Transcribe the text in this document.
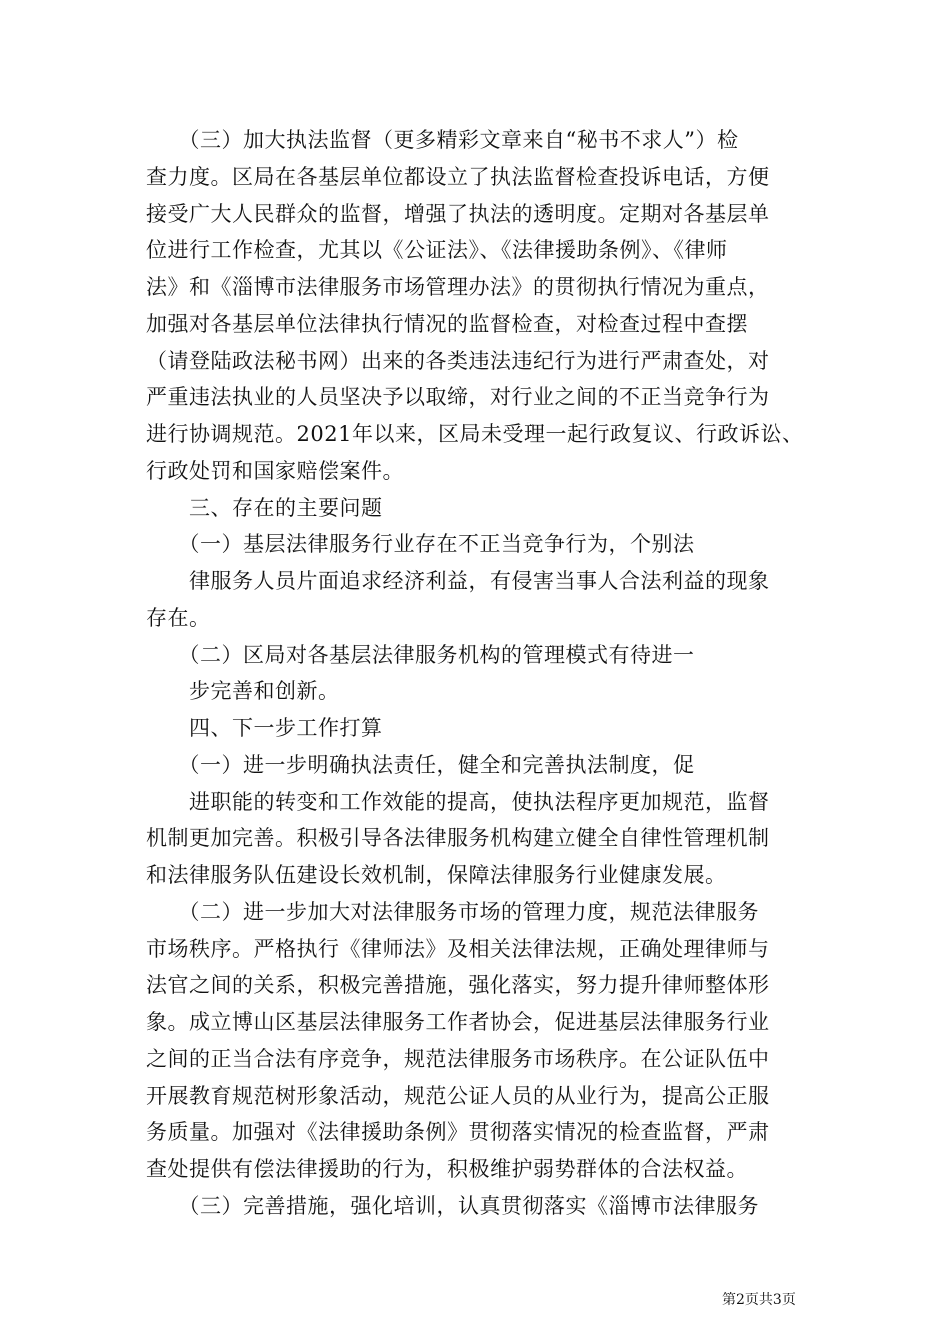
　　（三）加大执法监督（更多精彩文章来自“秘书不求人”）检
查力度。区局在各基层单位都设立了执法监督检查投诉电话，方便
接受广大人民群众的监督，增强了执法的透明度。定期对各基层单
位进行工作检查，尤其以《公证法》、《法律援助条例》、《律师
法》和《淄博市法律服务市场管理办法》的贯彻执行情况为重点，
加强对各基层单位法律执行情况的监督检查，对检查过程中查摆
（请登陆政法秘书网）出来的各类违法违纪行为进行严肃查处，对
严重违法执业的人员坚决予以取缔，对行业之间的不正当竞争行为
进行协调规范。2021年以来，区局未受理一起行政复议、行政诉讼、
行政处罚和国家赔偿案件。
　　三、存在的主要问题
　　（一）基层法律服务行业存在不正当竞争行为，个别法
　　律服务人员片面追求经济利益，有侵害当事人合法利益的现象
存在。
　　（二）区局对各基层法律服务机构的管理模式有待进一
　　步完善和创新。
　　四、下一步工作打算
　　（一）进一步明确执法责任，健全和完善执法制度，促
　　进职能的转变和工作效能的提高，使执法程序更加规范，监督
机制更加完善。积极引导各法律服务机构建立健全自律性管理机制
和法律服务队伍建设长效机制，保障法律服务行业健康发展。
　　（二）进一步加大对法律服务市场的管理力度，规范法律服务
市场秩序。严格执行《律师法》及相关法律法规，正确处理律师与
法官之间的关系，积极完善措施，强化落实，努力提升律师整体形
象。成立博山区基层法律服务工作者协会，促进基层法律服务行业
之间的正当合法有序竞争，规范法律服务市场秩序。在公证队伍中
开展教育规范树形象活动，规范公证人员的从业行为，提高公正服
务质量。加强对《法律援助条例》贯彻落实情况的检查监督，严肃
查处提供有偿法律援助的行为，积极维护弱势群体的合法权益。
　　（三）完善措施，强化培训，认真贯彻落实《淄博市法律服务
第2页共3页
